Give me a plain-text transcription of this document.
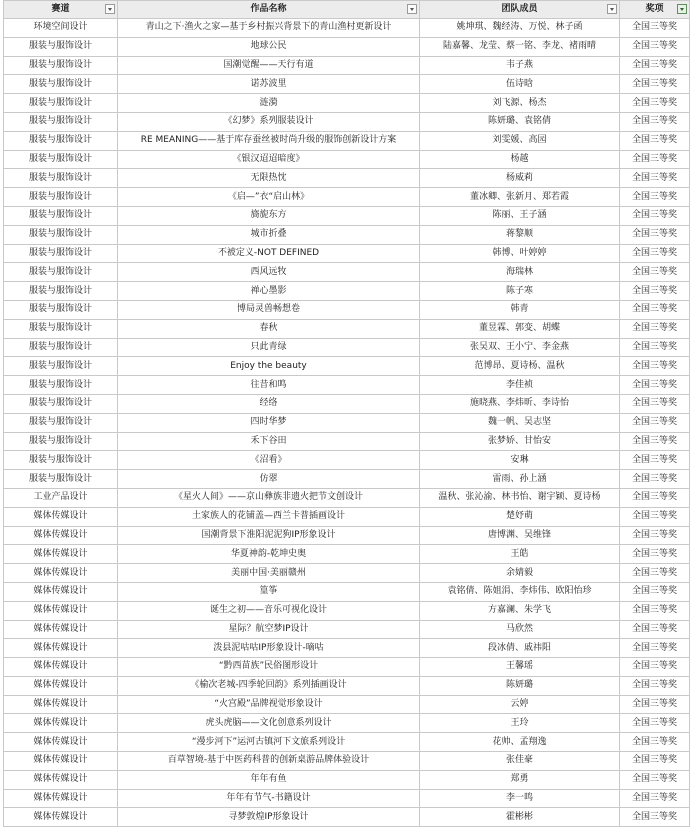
赛道	作品名称	团队成员	奖项

环境空间设计	青山之下·渔火之家—基于乡村振兴背景下的青山渔村更新设计	姚坤琪、魏经涛、万悦、林子函	全国三等奖
服装与服饰设计	地球公民	陆嘉馨、龙莹、蔡一铭、李龙、褚雨晴	全国三等奖
服装与服饰设计	国潮觉醒——天行有道	韦子燕	全国三等奖
服装与服饰设计	诺苏波里	伍诗晗	全国三等奖
服装与服饰设计	涟漪	刘飞源、杨杰	全国三等奖
服装与服饰设计	《幻梦》系列服装设计	陈妍璐、袁铭倩	全国三等奖
服装与服饰设计	RE MEANING——基于库存蚕丝被时尚升级的服饰创新设计方案	刘雯媛、高园	全国三等奖
服装与服饰设计	《银汉迢迢暗度》	杨越	全国三等奖
服装与服饰设计	无限热忱	杨威莉	全国三等奖
服装与服饰设计	《启—”衣“启山林》	董冰卿、张新月、郑若霞	全国三等奖
服装与服饰设计	旖旎东方	陈丽、王子涵	全国三等奖
服装与服饰设计	城市折叠	蒋黎顺	全国三等奖
服装与服饰设计	不被定义-NOT DEFINED	韩博、叶婷婷	全国三等奖
服装与服饰设计	西风远牧	海瑞林	全国三等奖
服装与服饰设计	禅心墨影	陈子寒	全国三等奖
服装与服饰设计	博局灵兽畅想卷	韩青	全国三等奖
服装与服饰设计	春秋	董昱霖、郭变、胡蝶	全国三等奖
服装与服饰设计	只此青绿	张吴双、王小宁、李金燕	全国三等奖
服装与服饰设计	Enjoy the beauty	范博昂、夏诗杨、温秋	全国三等奖
服装与服饰设计	往昔和鸣	李佳祯	全国三等奖
服装与服饰设计	经络	施晓燕、李炜昕、李诗怡	全国三等奖
服装与服饰设计	四时华梦	魏一帆、吴志坚	全国三等奖
服装与服饰设计	禾下谷田	张梦娇、甘怡安	全国三等奖
服装与服饰设计	《沼看》	安琳	全国三等奖
服装与服饰设计	仿翠	雷雨、孙上涵	全国三等奖
工业产品设计	《星火人间》——京山彝族非遗火把节文创设计	温秋、张沁渝、林书怡、谢宇颖、夏诗杨	全国三等奖
媒体传媒设计	土家族人的花铺盖—西兰卡普插画设计	楚妤萌	全国三等奖
媒体传媒设计	国潮背景下淮阳泥泥狗IP形象设计	唐博渊、吴维锋	全国三等奖
媒体传媒设计	华夏神韵-乾坤史奥	王皓	全国三等奖
媒体传媒设计	美丽中国·美丽赣州	余婧毅	全国三等奖
媒体传媒设计	篁筝	袁铭倩、陈姐涓、李炜伟、欧阳怡珍	全国三等奖
媒体传媒设计	诞生之初——音乐可视化设计	方嘉澜、朱学飞	全国三等奖
媒体传媒设计	星际？航空梦IP设计	马欣然	全国三等奖
媒体传媒设计	泼县泥咕咕IP形象设计-嘀咕	段冰倩、戚祎阳	全国三等奖
媒体传媒设计	“黔西苗族”民俗图形设计	王馨瑶	全国三等奖
媒体传媒设计	《榆次老城-四季轮回韵》系列插画设计	陈妍璐	全国三等奖
媒体传媒设计	“火宫殿”品牌视觉形象设计	云婷	全国三等奖
媒体传媒设计	虎头虎脑——文化创意系列设计	王玲	全国三等奖
媒体传媒设计	“漫步河下”运河古镇河下文旅系列设计	花帅、孟翔逸	全国三等奖
媒体传媒设计	百草智境-基于中医药科普的创新桌游品牌体验设计	张佳豪	全国三等奖
媒体传媒设计	年年有鱼	郑勇	全国三等奖
媒体传媒设计	年年有节气-书籍设计	李一鸣	全国三等奖
媒体传媒设计	寻梦敦煌IP形象设计	霍彬彬	全国三等奖
